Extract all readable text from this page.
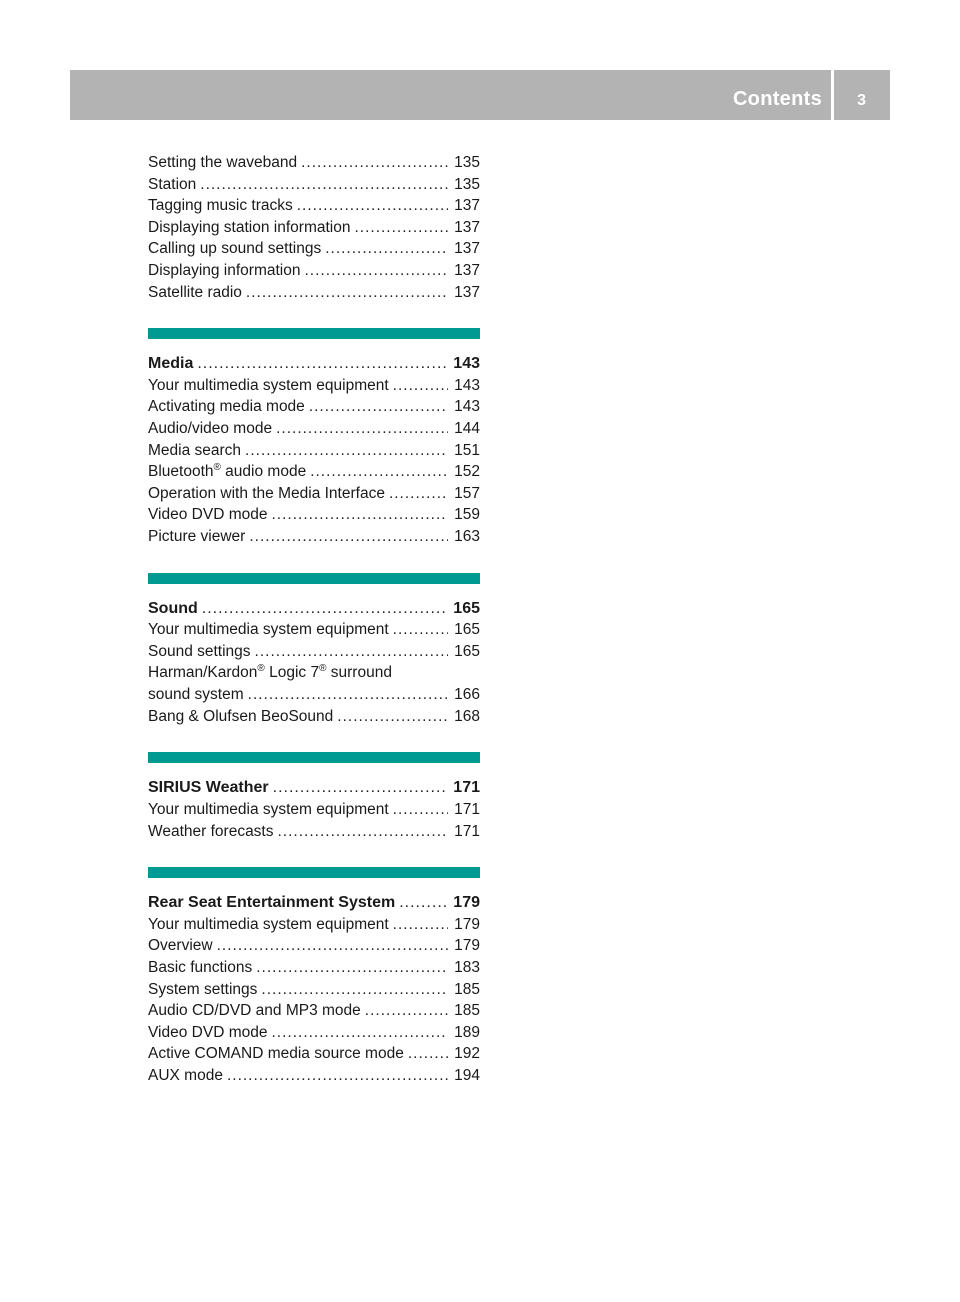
Contents 3
Setting the waveband .....	135
Station .....	135
Tagging music tracks .....	137
Displaying station information .....	137
Calling up sound settings .....	137
Displaying information .....	137
Satellite radio .....	137
Media .....	143
Your multimedia system equipment .....	143
Activating media mode .....	143
Audio/video mode .....	144
Media search .....	151
Bluetooth® audio mode .....	152
Operation with the Media Interface .....	157
Video DVD mode .....	159
Picture viewer .....	163
Sound .....	165
Your multimedia system equipment .....	165
Sound settings .....	165
Harman/Kardon® Logic 7® surround
sound system .....	166
Bang & Olufsen BeoSound .....	168
SIRIUS Weather .....	171
Your multimedia system equipment .....	171
Weather forecasts .....	171
Rear Seat Entertainment System .....	179
Your multimedia system equipment .....	179
Overview .....	179
Basic functions .....	183
System settings .....	185
Audio CD/DVD and MP3 mode .....	185
Video DVD mode .....	189
Active COMAND media source mode .....	192
AUX mode .....	194
